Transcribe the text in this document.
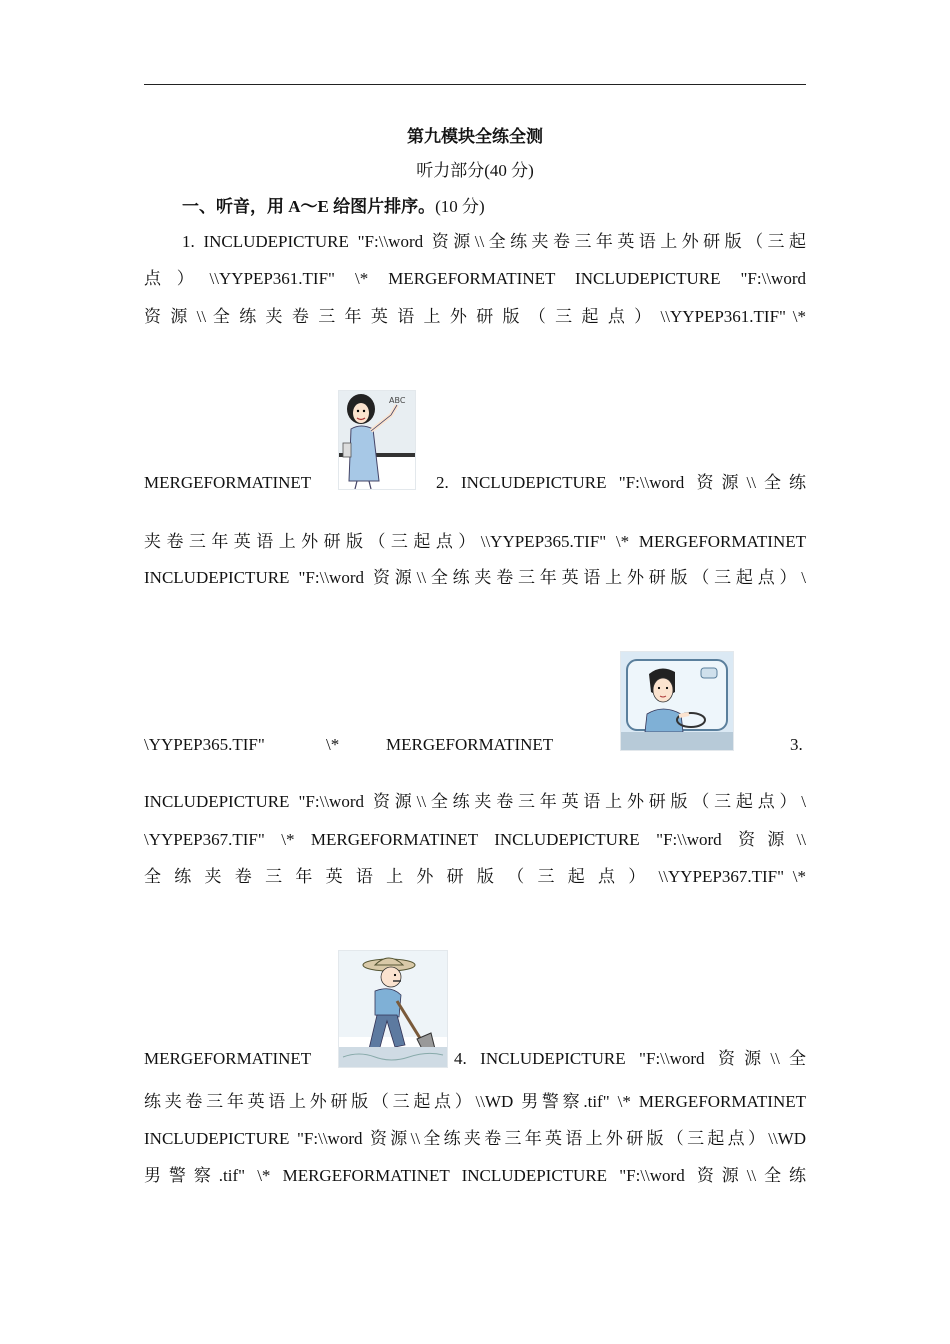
第九模块全练全测
听力部分(40 分)
一、听音，用 A～E 给图片排序。(10 分)
1. INCLUDEPICTURE "F:\\word 资源\\全练夹卷三年英语上外研版（三起
点）\\YYPEP361.TIF" \* MERGEFORMATINET INCLUDEPICTURE "F:\\word
资 源 \\ 全 练 夹 卷 三 年 英 语 上 外 研 版 （ 三 起 点 ） \\YYPEP361.TIF" \*
MERGEFORMATINET
ABC
2. INCLUDEPICTURE "F:\\word 资源\\全练
夹卷三年英语上外研版（三起点）\\YYPEP365.TIF" \* MERGEFORMATINET
INCLUDEPICTURE "F:\\word 资源\\全练夹卷三年英语上外研版（三起点）\
\YYPEP365.TIF"	\*	MERGEFORMATINET	3.
INCLUDEPICTURE "F:\\word 资源\\全练夹卷三年英语上外研版（三起点）\
\YYPEP367.TIF" \* MERGEFORMATINET INCLUDEPICTURE "F:\\word 资源\\
全 练 夹 卷 三 年 英 语 上 外 研 版 （ 三 起 点 ） \\YYPEP367.TIF" \*
MERGEFORMATINET	4. INCLUDEPICTURE "F:\\word 资源\\全
练夹卷三年英语上外研版（三起点）\\WD 男警察.tif" \* MERGEFORMATINET
INCLUDEPICTURE "F:\\word 资源\\全练夹卷三年英语上外研版（三起点）\\WD
男警察.tif" \* MERGEFORMATINET INCLUDEPICTURE "F:\\word 资源\\全练
